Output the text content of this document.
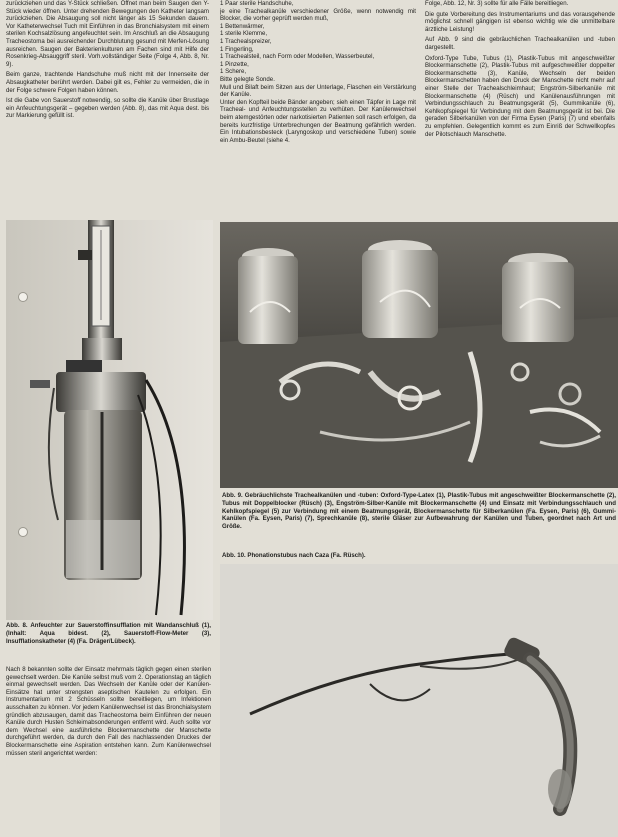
zurückziehen und das Y-Stück schließen. Öffnet man beim Saugen den Y-Stück wieder öffnen. Unter drehenden Bewegungen den Katheter langsam zurückziehen. Die Absaugung soll nicht länger als 15 Sekunden dauern. Vor Katheterwechsel Tuch mit Einführen in das Bronchialsystem mit einem sterilen Kochsalzlösung angefeuchtet sein. Im Anschluß an die Absaugung Tracheostoma bei ausreichender Durchblutung gesund mit Merfen-Lösung ausreichen. Saugen der Bakterienkulturen am Fachen sind mit Hilfe der Rosenkrieg-Absauggriff steril. Vorh.vollständiger Seite (Folge 4, Abb. 8, Nr. 9).

Beim ganze, trachtende Handschuhe muß nicht mit der Innenseite der Absaugkatheter berührt werden. Dabei gilt es, Fehler zu vermeiden, die in der Folge schwere Folgen haben können.

Ist die Gabe von Sauerstoff notwendig, so sollte die Kanüle über Brustlage ein Anfeuchtungsgerät – gegeben werden (Abb. 8), das mit Aqua dest. bis zur Markierung gefüllt ist.

1 Paar sterile Handschuhe,
je eine Trachealkanüle verschiedener Größe, wenn notwendig mit Blocker, die vorher geprüft werden muß,
1 Bettenwärmer,
1 sterile Klemme,
1 Trachealspreizer,
1 Fingerling,
1 Trachealsteil, nach Form oder Modellen, Wasserbeutel,
1 Pinzette,
1 Schere,
Bitte gelegte Sonde.
Mull und Bilaft beim Sitzen aus der Unterlage, Flaschen ein Verstärkung der Kanüle.
Unter den Kopfteil beide Bänder angeben; sieh einen Täpfer in Lage mit Tracheal- und Anfeuchtungsstellen zu verhüten. Der Kanülenwechsel beim atemgestörten oder narkotisierten Patienten soll rasch erfolgen, da bereits kurzfristige Unterbrechungen der Beatmung gefährlich werden. Ein Intubationsbesteck (Laryngoskop und verschiedene Tuben) sowie ein Ambu-Beutel (siehe 4.

Folge, Abb. 12, Nr. 3) sollte für alle Fälle bereitliegen.

Die gute Vorbereitung des Instrumentariums und das vorausgehende möglichst schnell gängigen ist ebenso wichtig wie die unmittelbare ärztliche Leistung!

Auf Abb. 9 sind die gebräuchlichen Trachealkanülen und -tuben dargestellt.

Oxford-Type Tube, Tubus (1), Plastik-Tubus mit angeschweißter Blockermanschette (2), Plastik-Tubus mit aufgeschweißter doppelter Blockermanschette (3), Kanüle, Wechseln der beiden Blockermanschetten haben den Druck der Manschette nicht mehr auf einer Stelle der Trachealschleimhaut; Engström-Silberkanüle mit Blockermanschette (4) (Rüsch) und Kanülenausführungen mit Verbindungsschlauch zu Beatmungsgerät (5), Gummikanüle (6), Kehlkopfspiegel für Verbindung mit dem Beatmungsgerät ist bei. Die geraden Silberkanülen von der Firma Eysen (Paris) (7) und ebenfalls zu empfehlen. Gelegentlich kommt es zum Einriß der Schwellkopfes der Pilotschlauch Manschette.

Abb. 8. Anfeuchter zur Sauerstoffinsufflation mit Wandanschluß (1), (Inhalt: Aqua bidest. (2), Sauerstoff-Flow-Meter (3), Insufflationskatheter (4) (Fa. Dräger/Lübeck).
Abb. 9. Gebräuchlichste Trachealkanülen und -tuben: Oxford-Type-Latex (1), Plastik-Tubus mit angeschweißter Blockermanschette (2), Tubus mit Doppelblocker (Rüsch) (3), Engström-Silber-Kanüle mit Blockermanschette (4) und Einsatz mit Verbindungsschlauch und Kehlkopfspiegel (5) zur Verbindung mit einem Beatmungsgerät, Blockermanschette für Silberkanülen (Fa. Eysen, Paris) (6), Gummi-Kanülen (Fa. Eysen, Paris) (7), Sprechkanüle (8), sterile Gläser zur Aufbewahrung der Kanülen und Tuben, geordnet nach Art und Größe.
Abb. 10. Phonationstubus nach Caza (Fa. Rüsch).

Nach 8 bekannten sollte der Einsatz mehrmals täglich gegen einen sterilen gewechselt werden. Die Kanüle selbst muß vom 2. Operationstag an täglich einmal gewechselt werden. Das Wechseln der Kanüle oder der Kanülen-Einsätze hat unter strengsten aseptischen Kautelen zu erfolgen. Ein Instrumentarium mit 2 Schüsseln sollte bereitliegen, um Infektionen ausschalten zu können. Vor jedem Kanülenwechsel ist das Bronchialsystem gründlich abzusaugen, damit das Tracheostoma beim Einführen der neuen Kanüle durch Husten Schleimabsonderungen entfernt wird. Auch sollte vor dem Wechsel eine ausführliche Blockermanschette der Manschette durchgeführt werden, da durch den Fall des nachlassenden Druckes der Blockermanschette eine Aspiration entstehen kann. Zum Kanülenwechsel müssen steril angerichtet werden:
